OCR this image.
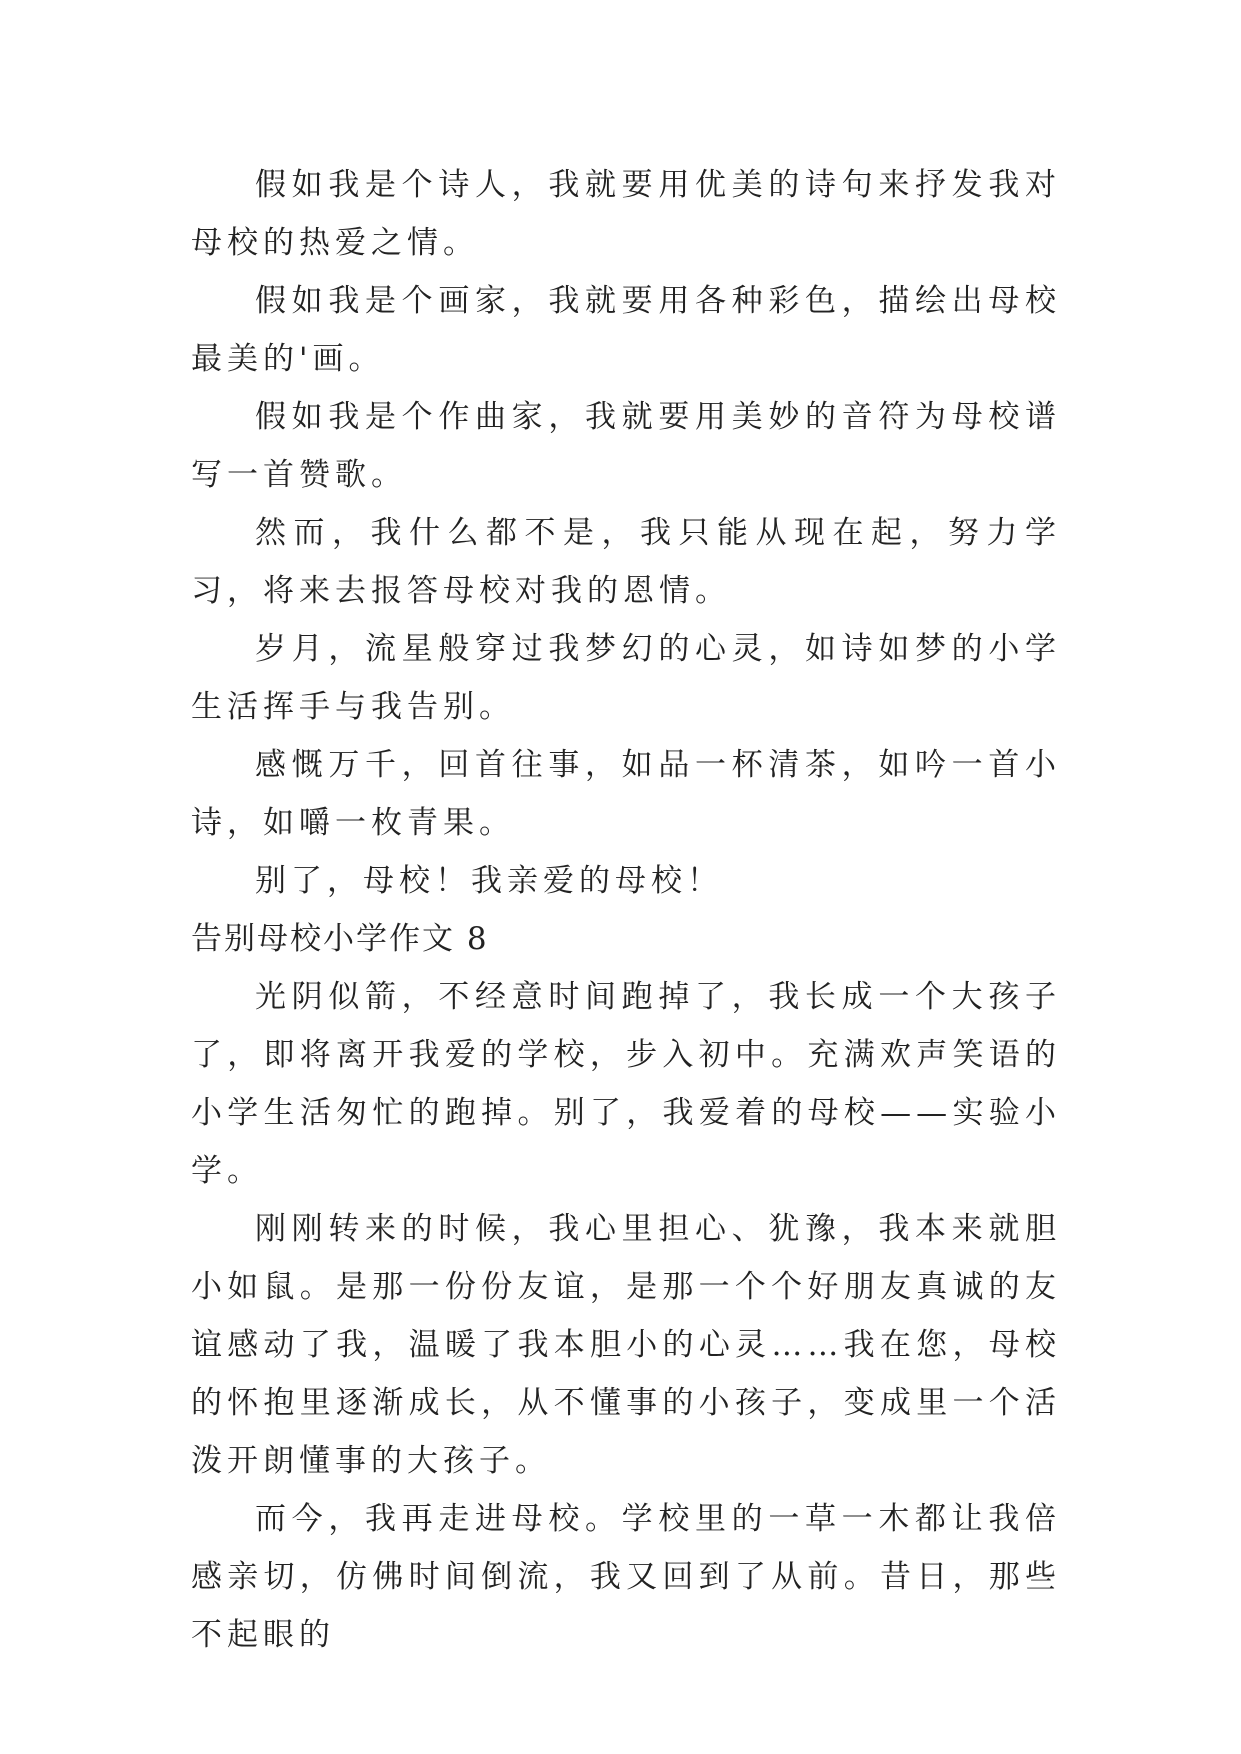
假如我是个诗人，我就要用优美的诗句来抒发我对母校的热爱之情。

假如我是个画家，我就要用各种彩色，描绘出母校最美的'画。

假如我是个作曲家，我就要用美妙的音符为母校谱写一首赞歌。

然而，我什么都不是，我只能从现在起，努力学习，将来去报答母校对我的恩情。

岁月，流星般穿过我梦幻的心灵，如诗如梦的小学生活挥手与我告别。

感慨万千，回首往事，如品一杯清茶，如吟一首小诗，如嚼一枚青果。

别了，母校！我亲爱的母校！

告别母校小学作文 8

光阴似箭，不经意时间跑掉了，我长成一个大孩子了，即将离开我爱的学校，步入初中。充满欢声笑语的小学生活匆忙的跑掉。别了，我爱着的母校——实验小学。

刚刚转来的时候，我心里担心、犹豫，我本来就胆小如鼠。是那一份份友谊，是那一个个好朋友真诚的友谊感动了我，温暖了我本胆小的心灵……我在您，母校的怀抱里逐渐成长，从不懂事的小孩子，变成里一个活泼开朗懂事的大孩子。

而今，我再走进母校。学校里的一草一木都让我倍感亲切，仿佛时间倒流，我又回到了从前。昔日，那些不起眼的
